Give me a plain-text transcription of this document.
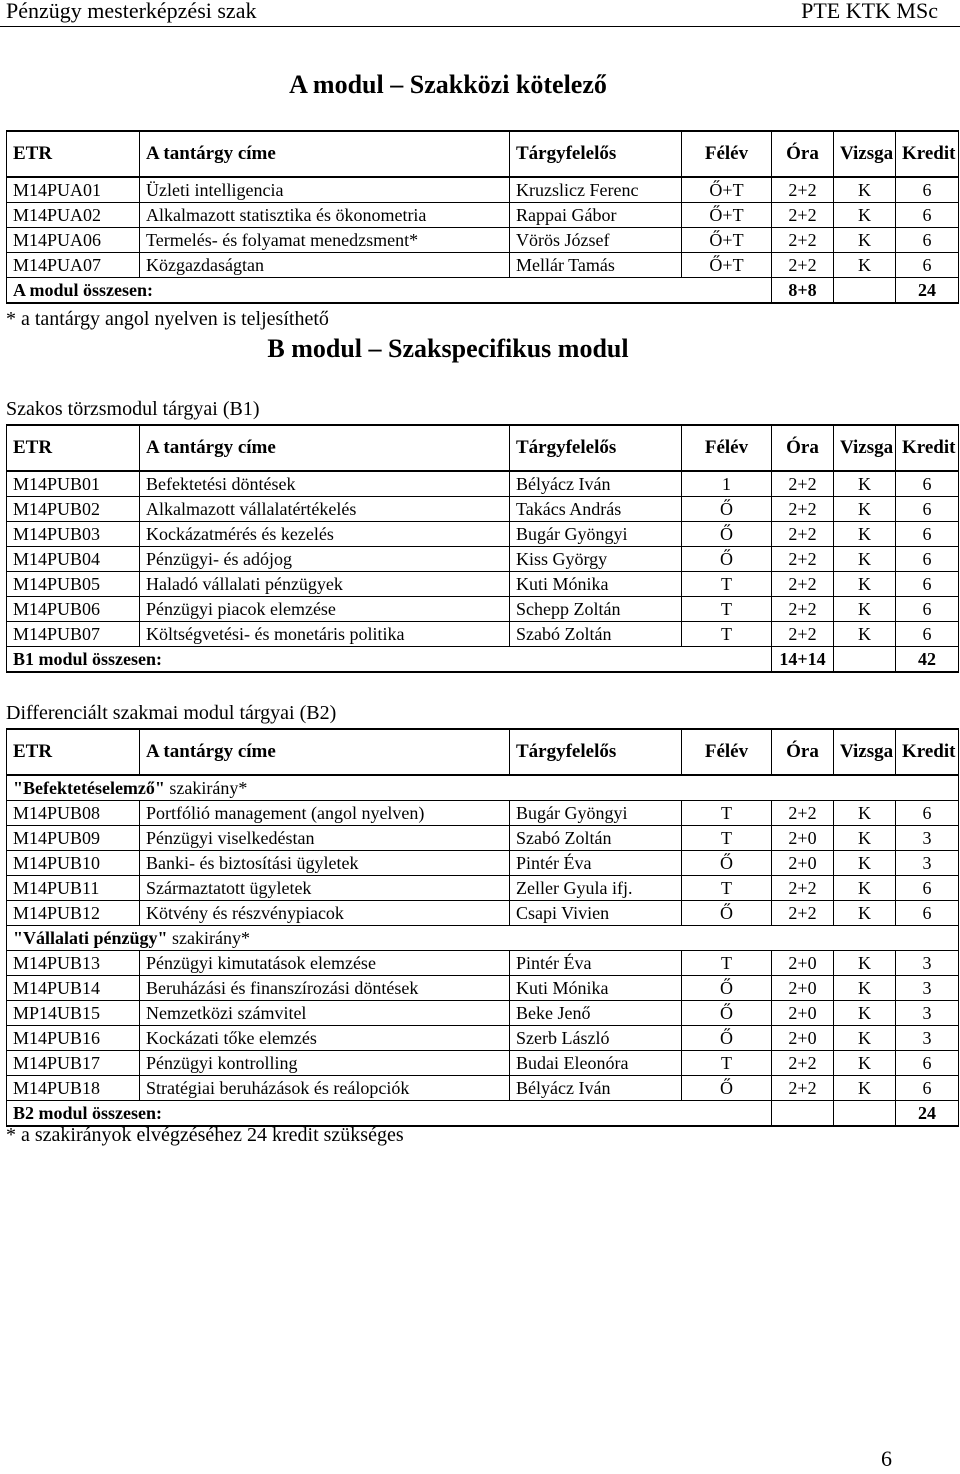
Pénzügy mesterképzési szak	PTE KTK MSc
A modul – Szakközi kötelező
ETR	A tantárgy címe	Tárgyfelelős	Félév	Óra	Vizsga	Kredit
M14PUA01	Üzleti intelligencia	Kruzslicz Ferenc	Ő+T	2+2	K	6
M14PUA02	Alkalmazott statisztika és ökonometria	Rappai Gábor	Ő+T	2+2	K	6
M14PUA06	Termelés- és folyamat menedzsment*	Vörös József	Ő+T	2+2	K	6
M14PUA07	Közgazdaságtan	Mellár Tamás	Ő+T	2+2	K	6
A modul összesen:				8+8		24
* a tantárgy angol nyelven is teljesíthető
B modul – Szakspecifikus modul
Szakos törzsmodul tárgyai (B1)
ETR	A tantárgy címe	Tárgyfelelős	Félév	Óra	Vizsga	Kredit
M14PUB01	Befektetési döntések	Bélyácz Iván	1	2+2	K	6
M14PUB02	Alkalmazott vállalatértékelés	Takács András	Ő	2+2	K	6
M14PUB03	Kockázatmérés és kezelés	Bugár Gyöngyi	Ő	2+2	K	6
M14PUB04	Pénzügyi- és adójog	Kiss György	Ő	2+2	K	6
M14PUB05	Haladó vállalati pénzügyek	Kuti Mónika	T	2+2	K	6
M14PUB06	Pénzügyi piacok elemzése	Schepp Zoltán	T	2+2	K	6
M14PUB07	Költségvetési- és monetáris politika	Szabó Zoltán	T	2+2	K	6
B1 modul összesen:				14+14		42
Differenciált szakmai modul tárgyai (B2)
ETR	A tantárgy címe	Tárgyfelelős	Félév	Óra	Vizsga	Kredit
"Befektetéselemző" szakirány*						
M14PUB08	Portfólió management (angol nyelven)	Bugár Gyöngyi	T	2+2	K	6
M14PUB09	Pénzügyi viselkedéstan	Szabó Zoltán	T	2+0	K	3
M14PUB10	Banki- és biztosítási ügyletek	Pintér Éva	Ő	2+0	K	3
M14PUB11	Származtatott ügyletek	Zeller Gyula ifj.	T	2+2	K	6
M14PUB12	Kötvény és részvénypiacok	Csapi Vivien	Ő	2+2	K	6
"Vállalati pénzügy" szakirány*						
M14PUB13	Pénzügyi kimutatások elemzése	Pintér Éva	T	2+0	K	3
M14PUB14	Beruházási és finanszírozási döntések	Kuti Mónika	Ő	2+0	K	3
MP14UB15	Nemzetközi számvitel	Beke Jenő	Ő	2+0	K	3
M14PUB16	Kockázati tőke elemzés	Szerb László	Ő	2+0	K	3
M14PUB17	Pénzügyi kontrolling	Budai Eleonóra	T	2+2	K	6
M14PUB18	Stratégiai beruházások és reálopciók	Bélyácz Iván	Ő	2+2	K	6
B2 modul összesen:						24
* a szakirányok elvégzéséhez 24 kredit szükséges
6
